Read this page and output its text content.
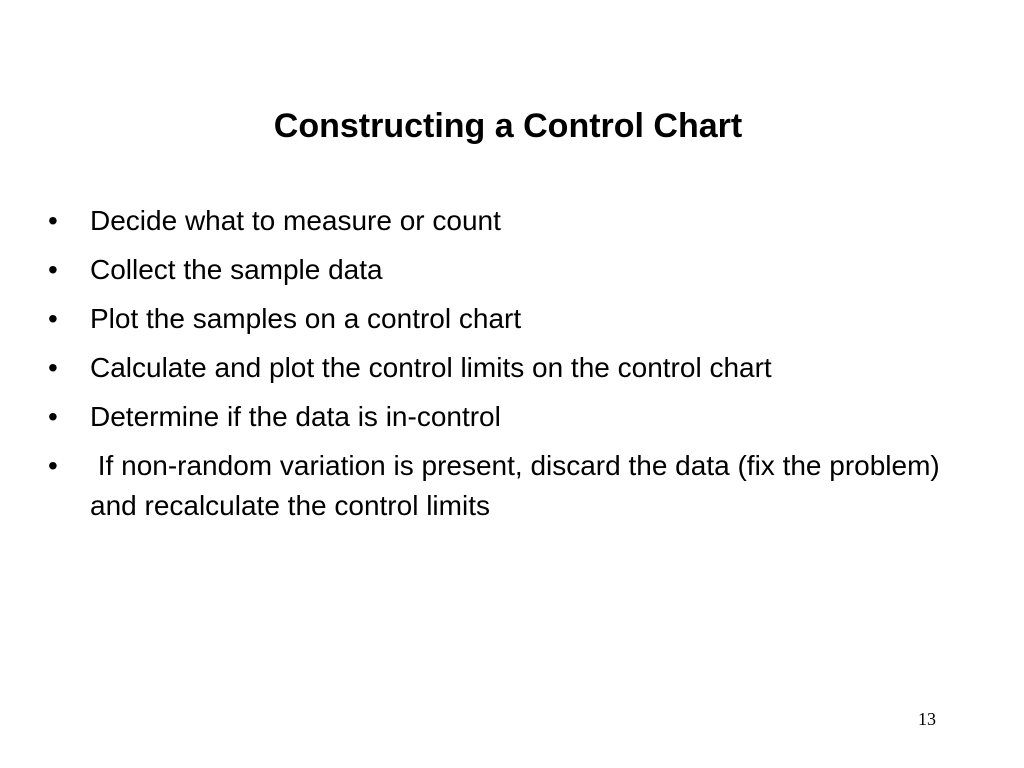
Constructing a Control Chart
•	Decide what to measure or count
•	Collect the sample data
•	Plot the samples on a control chart
•	Calculate and plot the control limits on the control chart
•	Determine if the data is in-control
•	If non-random variation is present, discard the data (fix the problem) and recalculate the control limits
13
